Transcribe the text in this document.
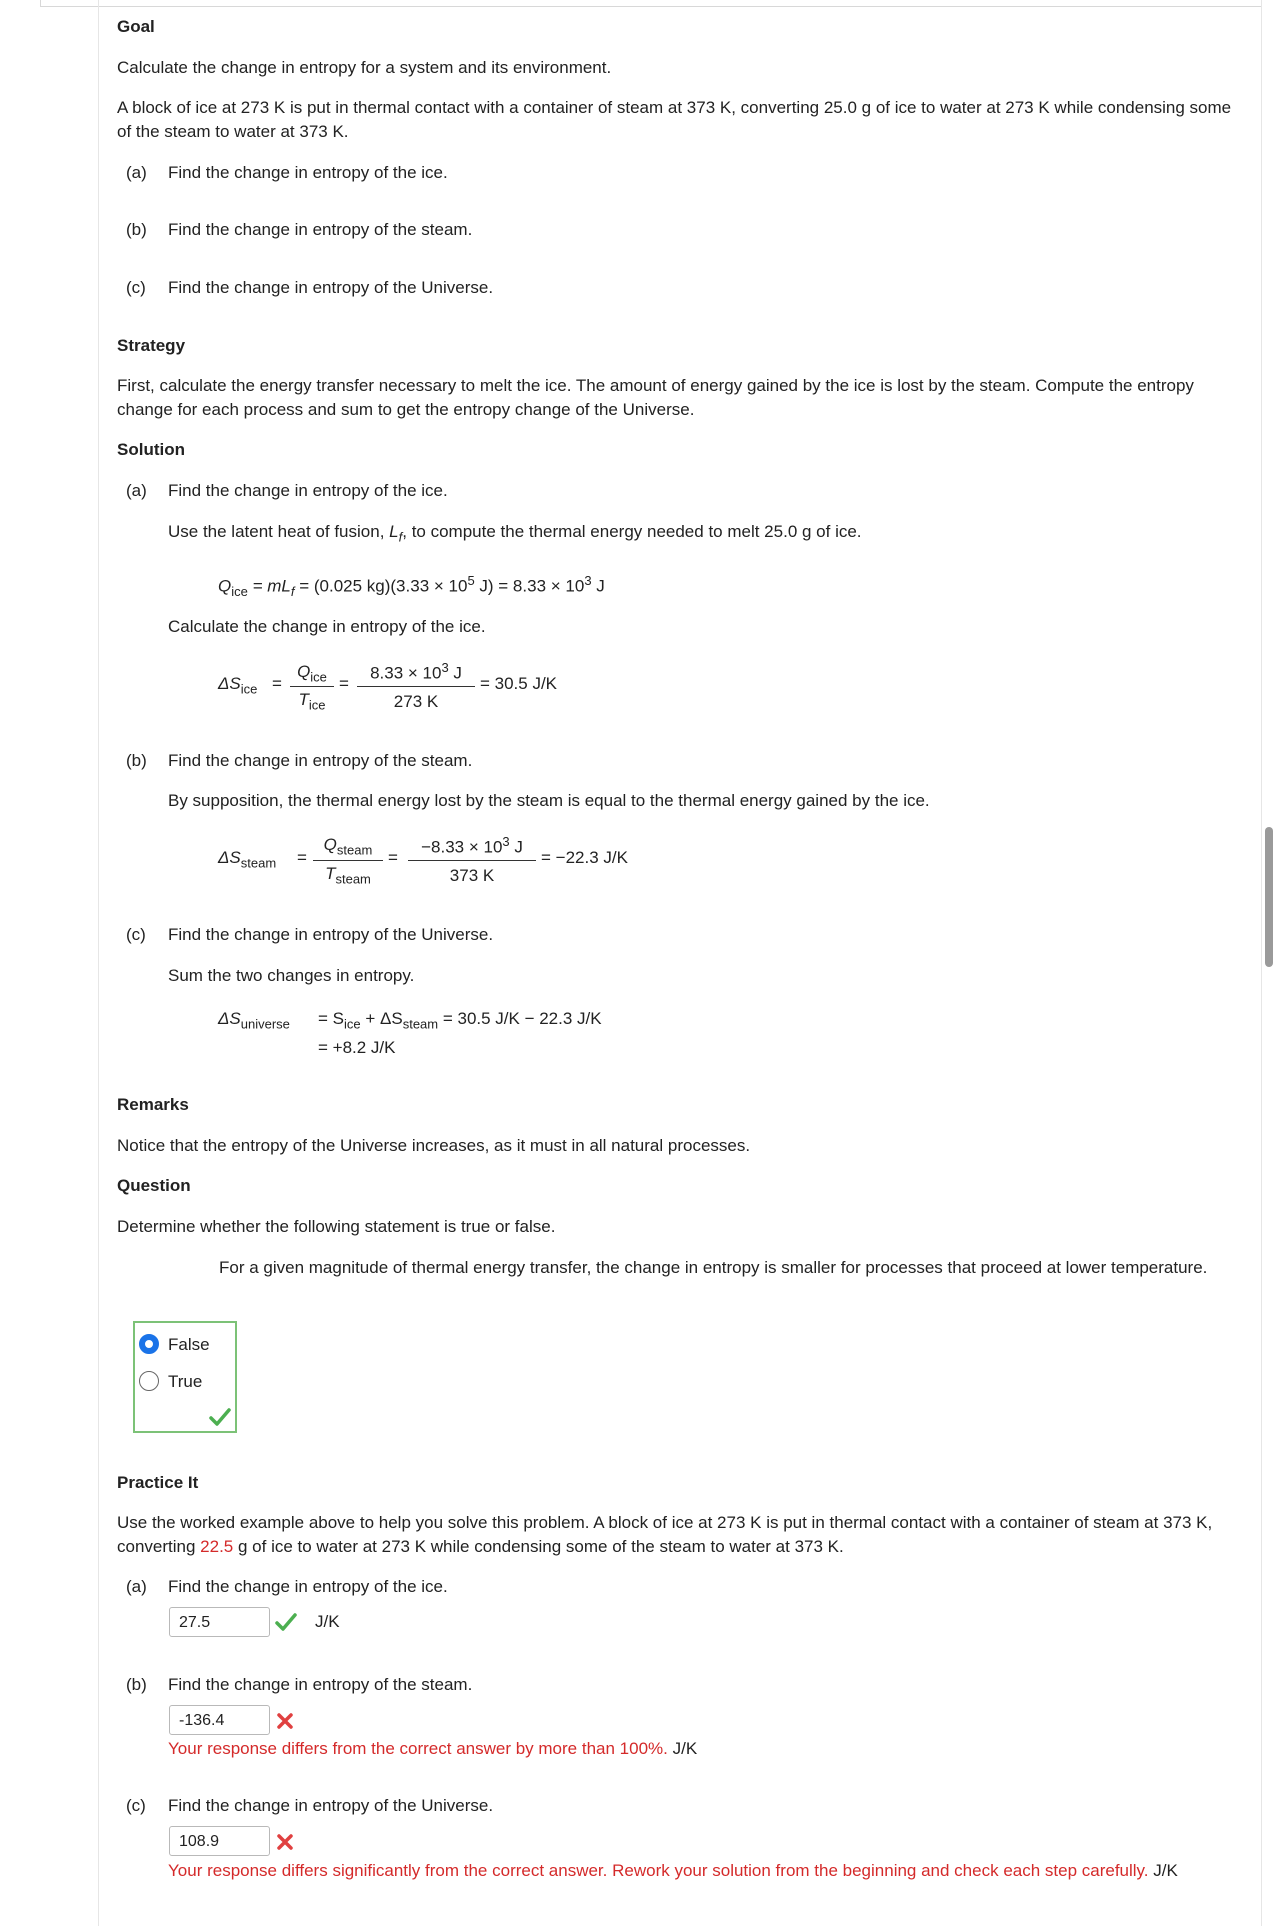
Goal
Calculate the change in entropy for a system and its environment.
A block of ice at 273 K is put in thermal contact with a container of steam at 373 K, converting 25.0 g of ice to water at 273 K while condensing some of the steam to water at 373 K.
(a) Find the change in entropy of the ice.
(b) Find the change in entropy of the steam.
(c) Find the change in entropy of the Universe.
Strategy
First, calculate the energy transfer necessary to melt the ice. The amount of energy gained by the ice is lost by the steam. Compute the entropy change for each process and sum to get the entropy change of the Universe.
Solution
(a) Find the change in entropy of the ice.
Use the latent heat of fusion, $L_f$, to compute the thermal energy needed to melt 25.0 g of ice.
$Q_{ice} = mL_f = (0.025$ $kg)(3.33 \times 10^5$ $J) = 8.33 \times 10^3$ J
Calculate the change in entropy of the ice.
$\Delta S_{ice}$ =
$Q_{ice}$
$T_{ice}$
=
$8.33 \times 10^3$ J
273 K
= 30.5 J/K
(b) Find the change in entropy of the steam.
By supposition, the thermal energy lost by the steam is equal to the thermal energy gained by the ice.
$\Delta S_{steam}$ =
$Q_{steam}$
$T_{steam}$
=
$-8.33 \times 10^3$ J
373 K
= −22.3 J/K
(c) Find the change in entropy of the Universe.
Sum the two changes in entropy.
$\Delta S_{universe} = S_{ice} + \Delta S_{steam} = 30.5$ J/K − 22.3 J/K
= +8.2 J/K
Remarks
Notice that the entropy of the Universe increases, as it must in all natural processes.
Question
Determine whether the following statement is true or false.
For a given magnitude of thermal energy transfer, the change in entropy is smaller for processes that proceed at lower temperature.
False
True
Practice It
Use the worked example above to help you solve this problem. A block of ice at 273 K is put in thermal contact with a container of steam at 373 K, converting 22.5 g of ice to water at 273 K while condensing some of the steam to water at 373 K.
(a) Find the change in entropy of the ice.
27.5	J/K
(b) Find the change in entropy of the steam.
-136.4
Your response differs from the correct answer by more than 100%. J/K
(c) Find the change in entropy of the Universe.
108.9
Your response differs significantly from the correct answer. Rework your solution from the beginning and check each step carefully. J/K
